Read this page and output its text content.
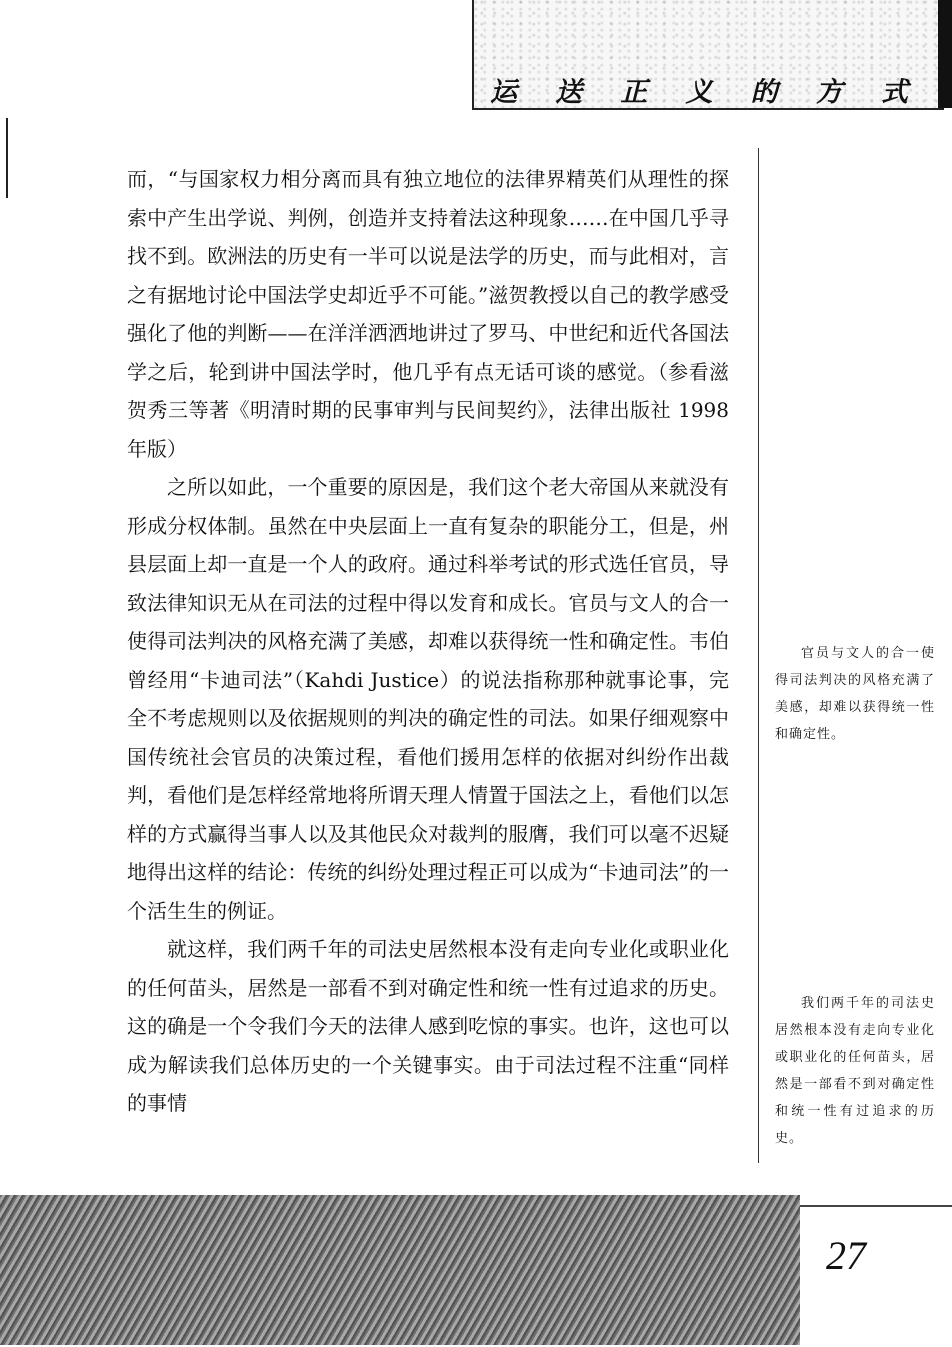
运 送 正 义 的 方 式

而，“与国家权力相分离而具有独立地位的法律界精英们从理性的探索中产生出学说、判例，创造并支持着法这种现象……在中国几乎寻找不到。欧洲法的历史有一半可以说是法学的历史，而与此相对，言之有据地讨论中国法学史却近乎不可能。”滋贺教授以自己的教学感受强化了他的判断——在洋洋洒洒地讲过了罗马、中世纪和近代各国法学之后，轮到讲中国法学时，他几乎有点无话可谈的感觉。（参看滋贺秀三等著《明清时期的民事审判与民间契约》，法律出版社 1998 年版）

之所以如此，一个重要的原因是，我们这个老大帝国从来就没有形成分权体制。虽然在中央层面上一直有复杂的职能分工，但是，州县层面上却一直是一个人的政府。通过科举考试的形式选任官员，导致法律知识无从在司法的过程中得以发育和成长。官员与文人的合一使得司法判决的风格充满了美感，却难以获得统一性和确定性。韦伯曾经用“卡迪司法”（Kahdi Justice）的说法指称那种就事论事，完全不考虑规则以及依据规则的判决的确定性的司法。如果仔细观察中国传统社会官员的决策过程，看他们援用怎样的依据对纠纷作出裁判，看他们是怎样经常地将所谓天理人情置于国法之上，看他们以怎样的方式赢得当事人以及其他民众对裁判的服膺，我们可以毫不迟疑地得出这样的结论：传统的纠纷处理过程正可以成为“卡迪司法”的一个活生生的例证。

就这样，我们两千年的司法史居然根本没有走向专业化或职业化的任何苗头，居然是一部看不到对确定性和统一性有过追求的历史。这的确是一个令我们今天的法律人感到吃惊的事实。也许，这也可以成为解读我们总体历史的一个关键事实。由于司法过程不注重“同样的事情

官员与文人的合一使得司法判决的风格充满了美感，却难以获得统一性和确定性。

我们两千年的司法史居然根本没有走向专业化或职业化的任何苗头，居然是一部看不到对确定性和统一性有过追求的历史。

27
